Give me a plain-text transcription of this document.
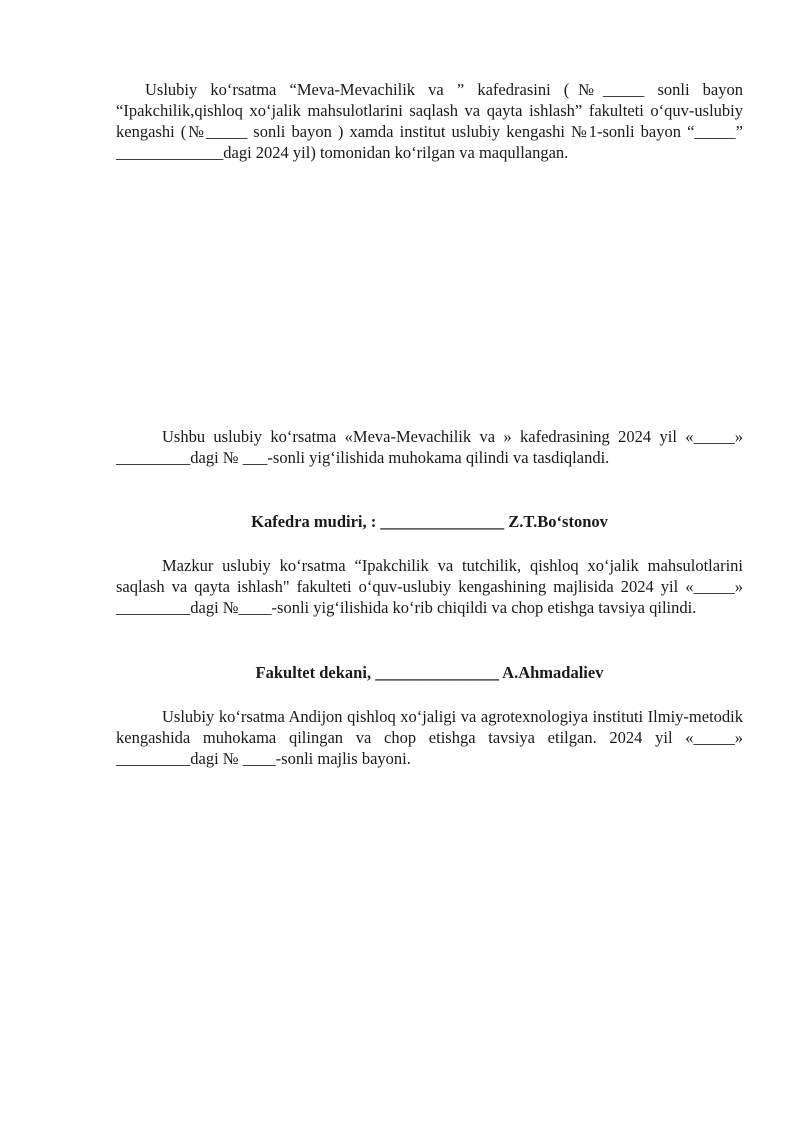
Uslubiy ko‘rsatma “Meva-Mevachilik va ” kafedrasini (№_____ sonli bayon “Ipakchilik,qishloq xo‘jalik mahsulotlarini saqlash va qayta ishlash” fakulteti o‘quv-uslubiy kengashi (№_____ sonli bayon ) xamda institut uslubiy kengashi №1-sonli bayon “_____” _____________dagi 2024 yil) tomonidan ko‘rilgan va maqullangan.

Ushbu uslubiy ko‘rsatma «Meva-Mevachilik va » kafedrasining 2024 yil «_____» _________dagi № ___-sonli yig‘ilishida muhokama qilindi va tasdiqlandi.

Kafedra mudiri, : _______________ Z.T.Bo‘stonov

Mazkur uslubiy ko‘rsatma “Ipakchilik va tutchilik, qishloq xo‘jalik mahsulotlarini saqlash va qayta ishlash" fakulteti o‘quv-uslubiy kengashining majlisida 2024 yil «_____» _________dagi №____-sonli yig‘ilishida ko‘rib chiqildi va chop etishga tavsiya qilindi.

Fakultet dekani, _______________ A.Ahmadaliev

Uslubiy ko‘rsatma Andijon qishloq xo‘jaligi va agrotexnologiya instituti Ilmiy-metodik kengashida muhokama qilingan va chop etishga tavsiya etilgan. 2024 yil «_____» _________dagi № ____-sonli majlis bayoni.
